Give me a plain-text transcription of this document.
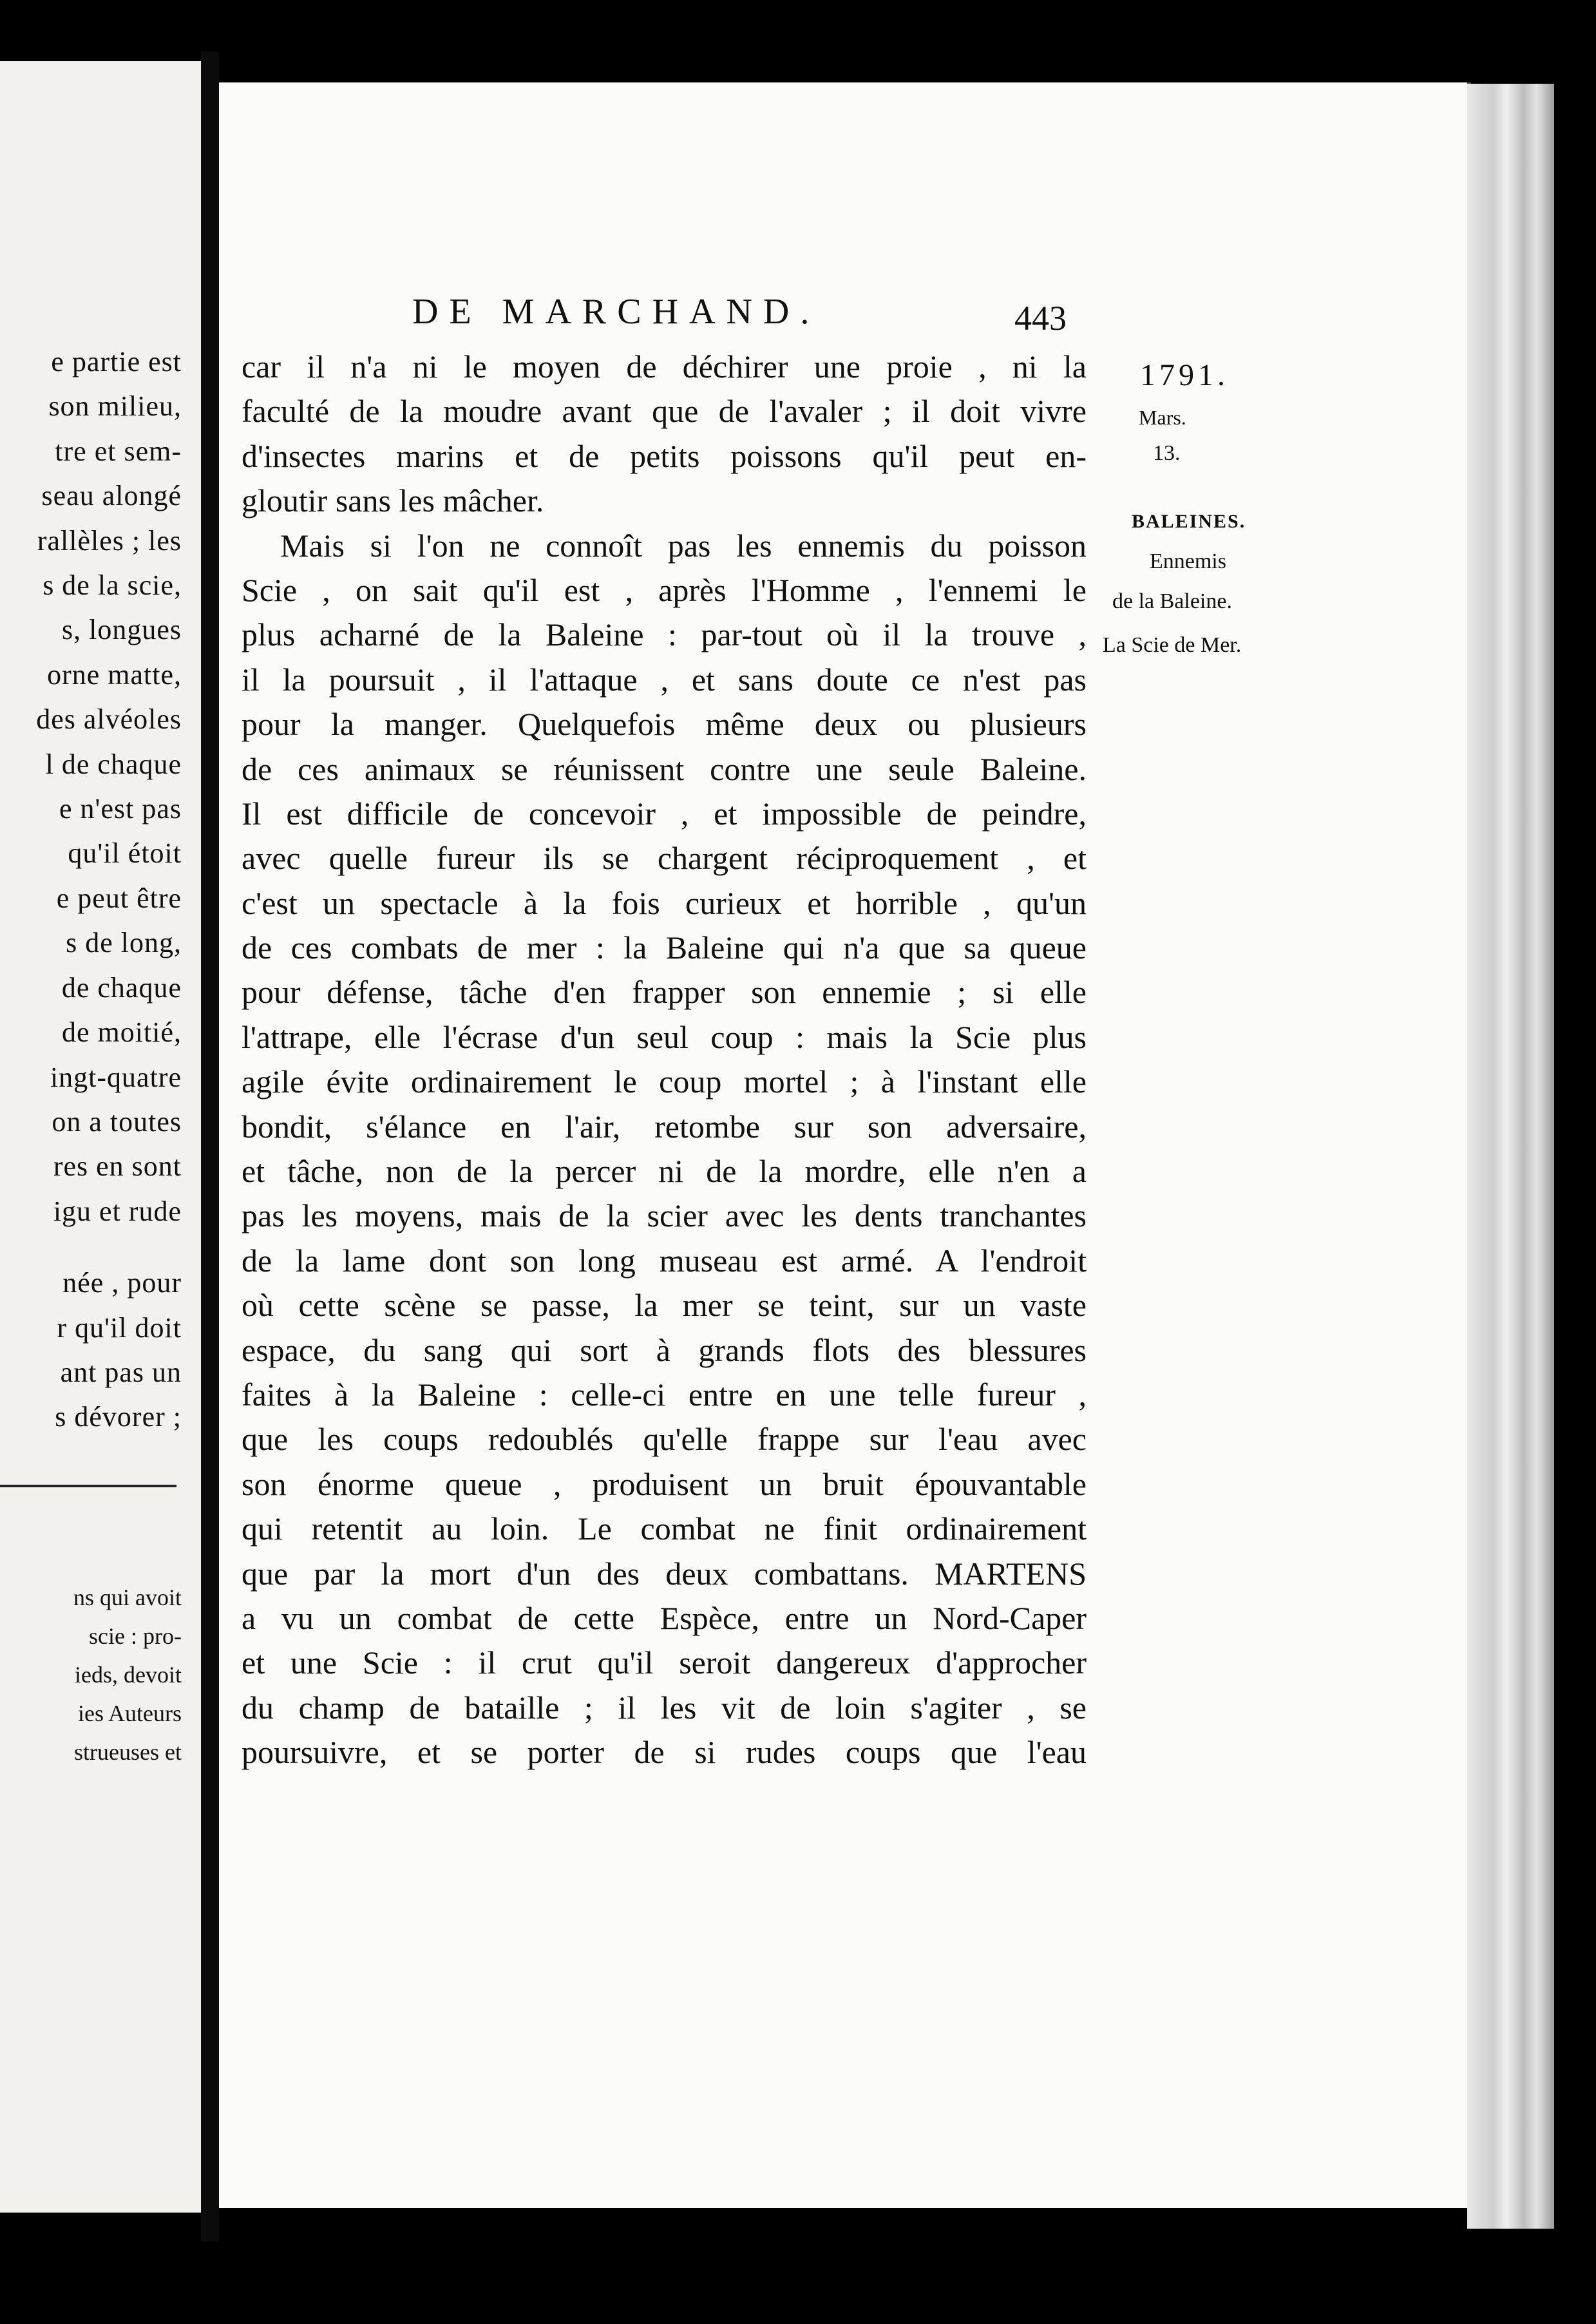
e partie est
son milieu,
tre et sem-
seau alongé
rallèles ; les
s de la scie,
s, longues
orne matte,
des alvéoles
l de chaque
e n'est pas
qu'il étoit
e peut être
s de long,
de chaque
de moitié,
ingt-quatre
on a toutes
res en sont
igu et rude
née , pour
r qu'il doit
ant pas un
s dévorer ;
ns qui avoit
scie : pro-
ieds, devoit
ies Auteurs
strueuses et
DE MARCHAND.	443
1791.
Mars.
13.
BALEINES.
Ennemis
de la Baleine.
La Scie de Mer.
car il n'a ni le moyen de déchirer une proie , ni la
faculté de la moudre avant que de l'avaler ; il doit vivre
d'insectes marins et de petits poissons qu'il peut en-
gloutir sans les mâcher.
Mais si l'on ne connoît pas les ennemis du poisson
Scie , on sait qu'il est , après l'Homme , l'ennemi le
plus acharné de la Baleine : par-tout où il la trouve ,
il la poursuit , il l'attaque , et sans doute ce n'est pas
pour la manger. Quelquefois même deux ou plusieurs
de ces animaux se réunissent contre une seule Baleine.
Il est difficile de concevoir , et impossible de peindre,
avec quelle fureur ils se chargent réciproquement , et
c'est un spectacle à la fois curieux et horrible , qu'un
de ces combats de mer : la Baleine qui n'a que sa queue
pour défense, tâche d'en frapper son ennemie ; si elle
l'attrape, elle l'écrase d'un seul coup : mais la Scie plus
agile évite ordinairement le coup mortel ; à l'instant elle
bondit, s'élance en l'air, retombe sur son adversaire,
et tâche, non de la percer ni de la mordre, elle n'en a
pas les moyens, mais de la scier avec les dents tranchantes
de la lame dont son long museau est armé. A l'endroit
où cette scène se passe, la mer se teint, sur un vaste
espace, du sang qui sort à grands flots des blessures
faites à la Baleine : celle-ci entre en une telle fureur ,
que les coups redoublés qu'elle frappe sur l'eau avec
son énorme queue , produisent un bruit épouvantable
qui retentit au loin. Le combat ne finit ordinairement
que par la mort d'un des deux combattans. MARTENS
a vu un combat de cette Espèce, entre un Nord-Caper
et une Scie : il crut qu'il seroit dangereux d'approcher
du champ de bataille ; il les vit de loin s'agiter , se
poursuivre, et se porter de si rudes coups que l'eau
